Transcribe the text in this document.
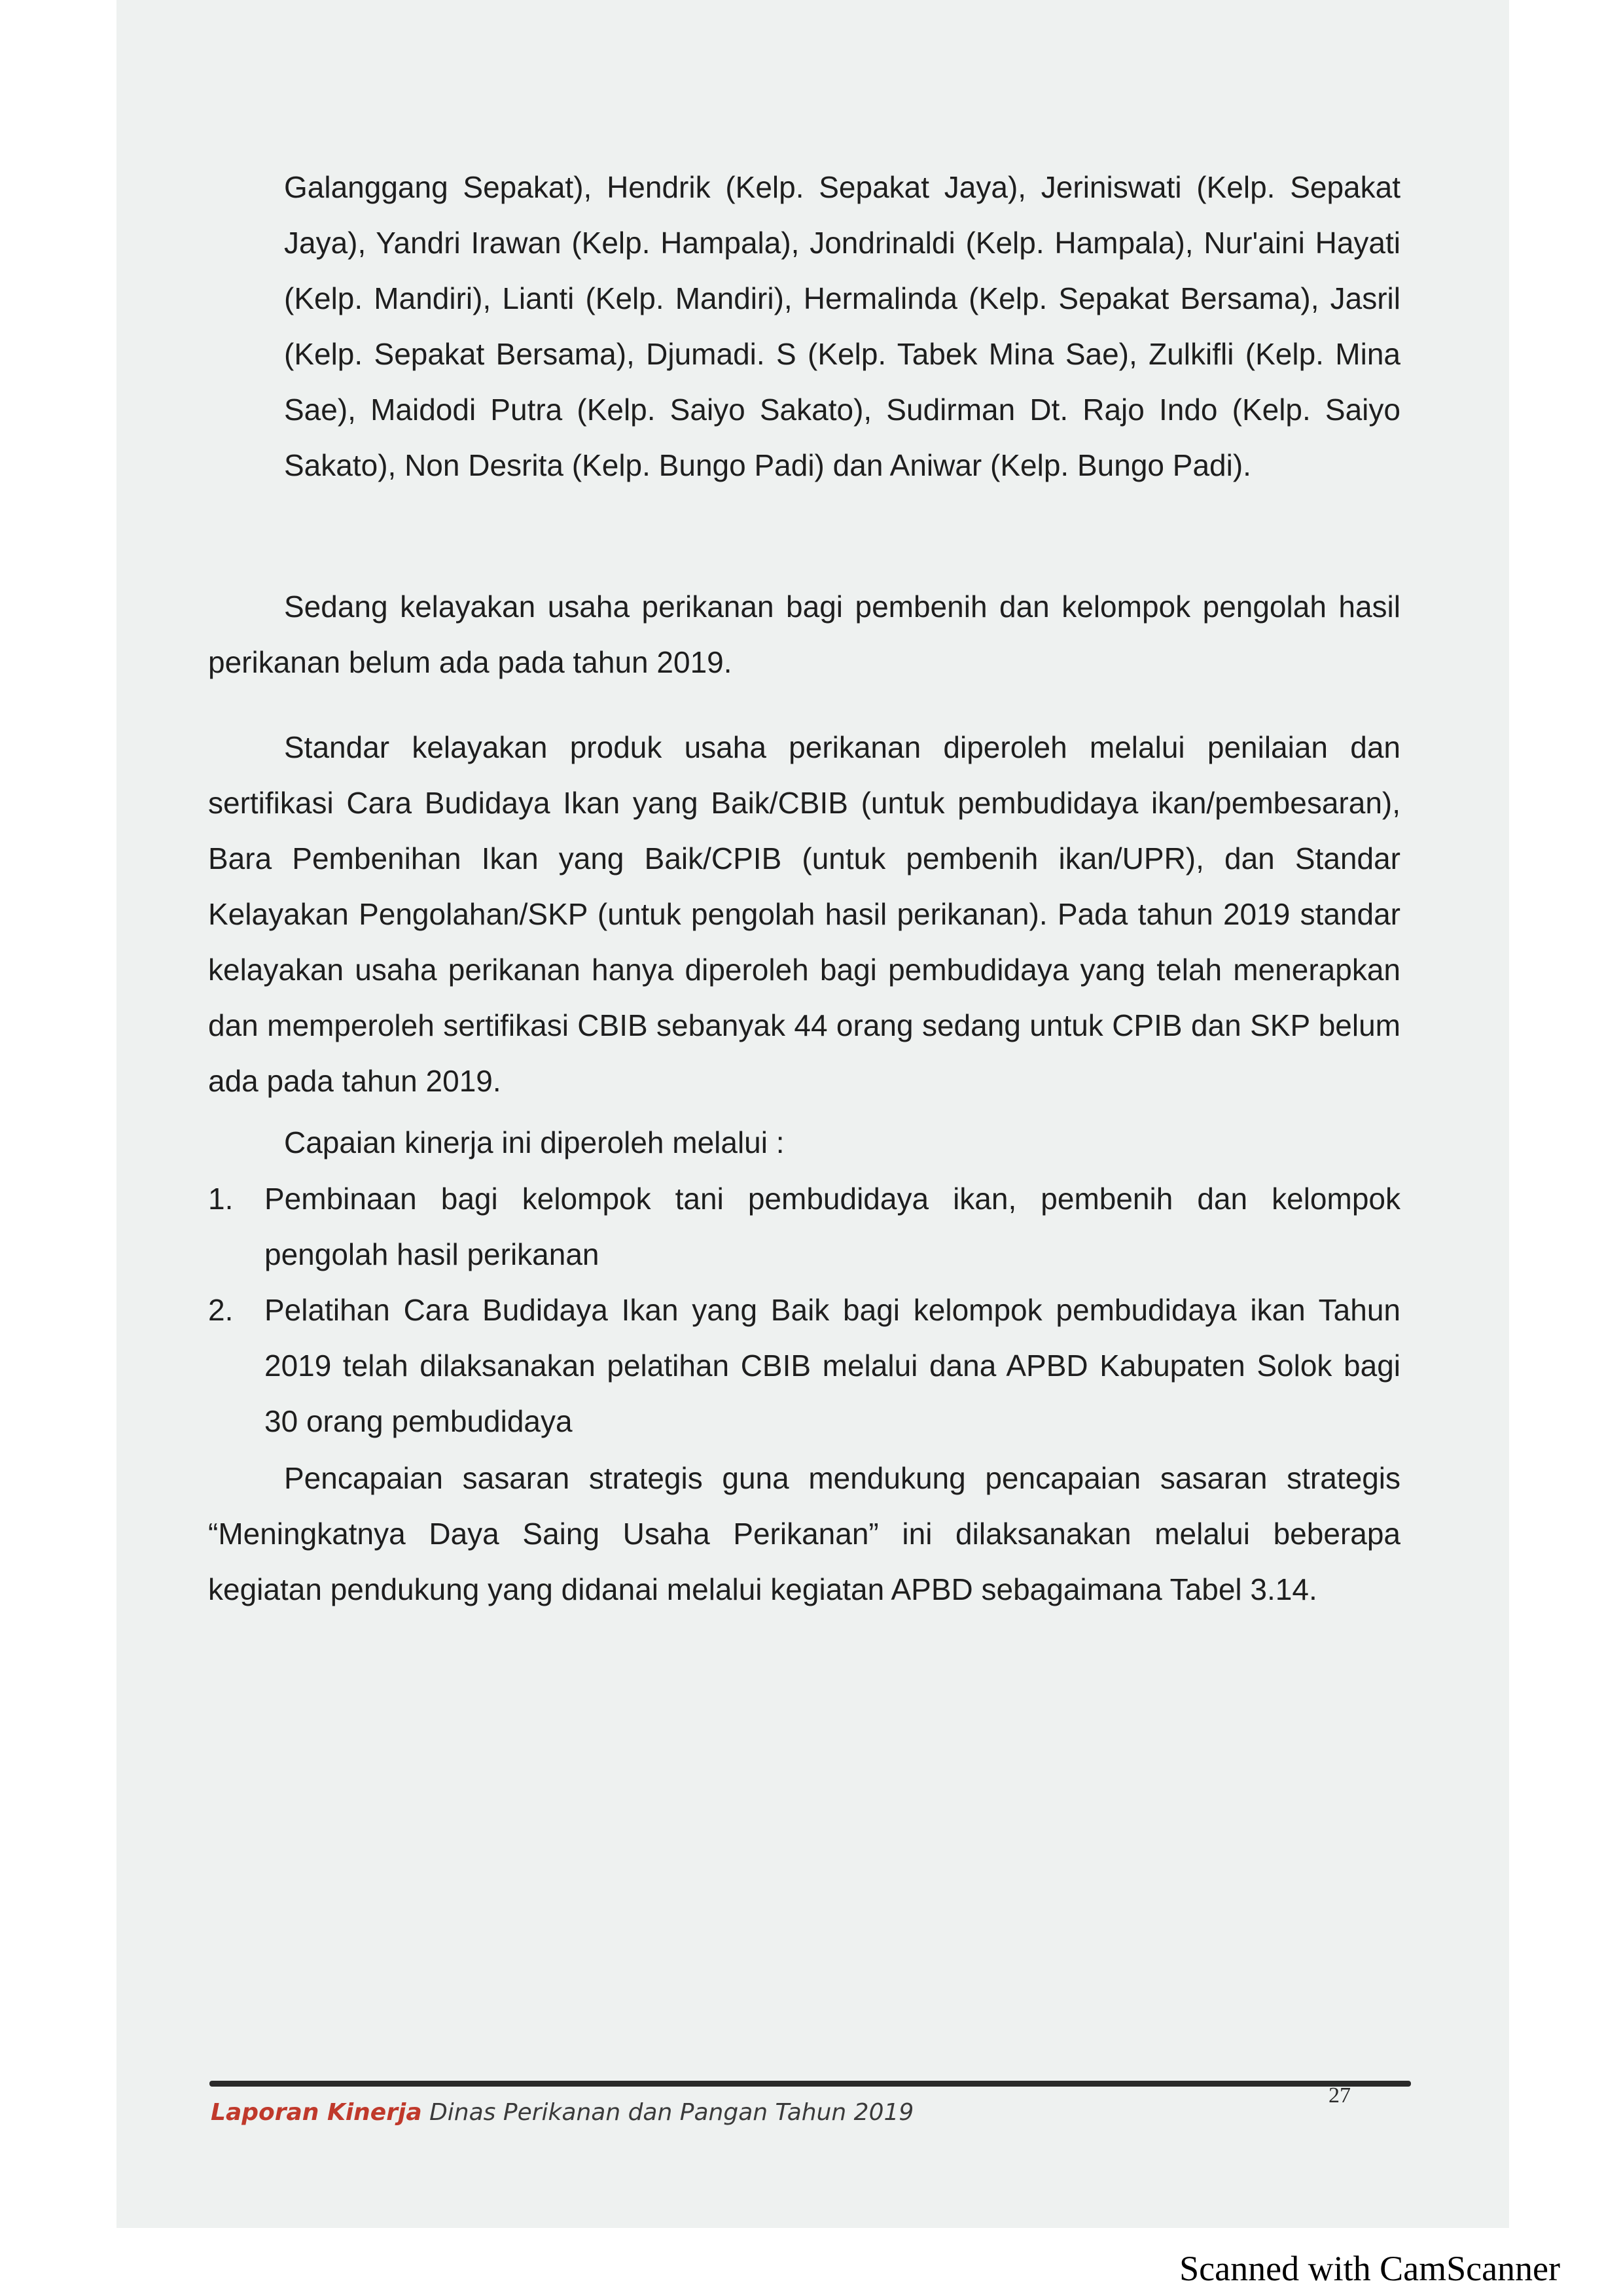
Galanggang Sepakat), Hendrik (Kelp. Sepakat Jaya), Jeriniswati (Kelp. Sepakat Jaya), Yandri Irawan (Kelp. Hampala), Jondrinaldi (Kelp. Hampala), Nur'aini Hayati (Kelp. Mandiri), Lianti (Kelp. Mandiri), Hermalinda (Kelp. Sepakat Bersama), Jasril (Kelp. Sepakat Bersama), Djumadi. S (Kelp. Tabek Mina Sae), Zulkifli (Kelp. Mina Sae), Maidodi Putra (Kelp. Saiyo Sakato), Sudirman Dt. Rajo Indo (Kelp. Saiyo Sakato), Non Desrita (Kelp. Bungo Padi) dan Aniwar (Kelp. Bungo Padi).

Sedang kelayakan usaha perikanan bagi pembenih dan kelompok pengolah hasil perikanan belum ada pada tahun 2019.

Standar kelayakan produk usaha perikanan diperoleh melalui penilaian dan sertifikasi Cara Budidaya Ikan yang Baik/CBIB (untuk pembudidaya ikan/pembesaran), Bara Pembenihan Ikan yang Baik/CPIB (untuk pembenih ikan/UPR), dan Standar Kelayakan Pengolahan/SKP (untuk pengolah hasil perikanan). Pada tahun 2019 standar kelayakan usaha perikanan hanya diperoleh bagi pembudidaya yang telah menerapkan dan memperoleh sertifikasi CBIB sebanyak 44 orang sedang untuk CPIB dan SKP belum ada pada tahun 2019.

Capaian kinerja ini diperoleh melalui :

1. Pembinaan bagi kelompok tani pembudidaya ikan, pembenih dan kelompok pengolah hasil perikanan

2. Pelatihan Cara Budidaya Ikan yang Baik bagi kelompok pembudidaya ikan Tahun 2019 telah dilaksanakan pelatihan CBIB melalui dana APBD Kabupaten Solok bagi 30 orang pembudidaya

Pencapaian sasaran strategis guna mendukung pencapaian sasaran strategis “Meningkatnya Daya Saing Usaha Perikanan” ini dilaksanakan melalui beberapa kegiatan pendukung yang didanai melalui kegiatan APBD sebagaimana Tabel 3.14.

Laporan Kinerja Dinas Perikanan dan Pangan Tahun 2019
27
Scanned with CamScanner
